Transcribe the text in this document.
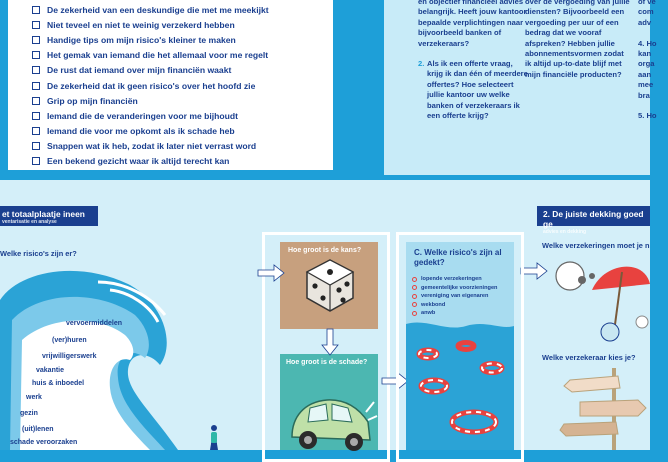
De zekerheid van een deskundige die met me meekijkt
Niet teveel en niet te weinig verzekerd hebben
Handige tips om mijn risico's kleiner te maken
Het gemak van iemand die het allemaal voor me regelt
De rust dat iemand over mijn financiën waakt
De zekerheid dat ik geen risico's over het hoofd zie
Grip op mijn financiën
Iemand die de veranderingen voor me bijhoudt
Iemand die voor me opkomt als ik schade heb
Snappen wat ik heb, zodat ik later niet verrast word
Een bekend gezicht waar ik altijd terecht kan
en objectief financieel advies belangrijk. Heeft jouw kantoor bepaalde verplichtingen naar bijvoorbeeld banken of verzekeraars?
2. Als ik een offerte vraag, krijg ik dan één of meerdere offertes? Hoe selecteert jullie kantoor uw welke banken of verzekeraars ik een offerte krijg?
over de vergoeding van jullie diensten? Bijvoorbeeld een vergoeding per uur of een bedrag dat we vooraf afspreken? Hebben jullie abonnementsvormen zodat ik altijd up-to-date blijf met mijn financiële producten?
of ve
com
adv
4. Ho
kan
orga
aan
mee
bra
5. Ho
et totaalplaatje ineen
ventarisatie en analyse
2. De juiste dekking goed ge
advies en dekking
Welke risico's zijn er?
vervoermiddelen
(ver)huren
vrijwilligerswerk
vakantie
huis & inboedel
werk
gezin
(uit)lenen
schade veroorzaken
Hoe groot is de kans?
Hoe groot is de schade?
C. Welke risico's zijn al gedekt?
lopende verzekeringen
gemeentelijke voorzieningen
vereniging van eigenaren
wekbond
anwb
Welke verzekeringen moet je n
Welke verzekeraar kies je?
